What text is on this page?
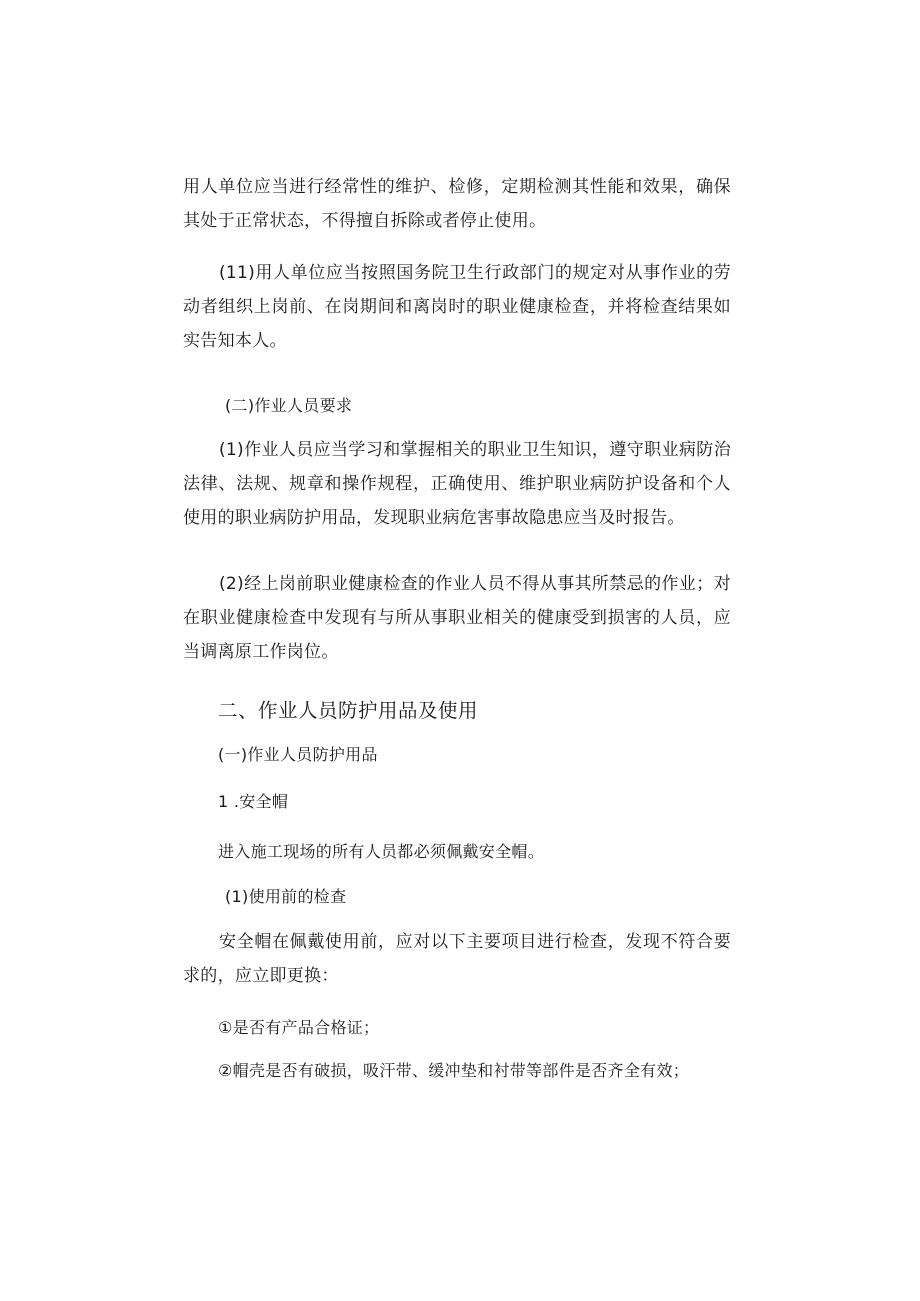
用人单位应当进行经常性的维护、检修，定期检测其性能和效果，确保其处于正常状态，不得擅自拆除或者停止使用。

(11)用人单位应当按照国务院卫生行政部门的规定对从事作业的劳动者组织上岗前、在岗期间和离岗时的职业健康检查，并将检查结果如实告知本人。

(二)作业人员要求

(1)作业人员应当学习和掌握相关的职业卫生知识，遵守职业病防治法律、法规、规章和操作规程，正确使用、维护职业病防护设备和个人使用的职业病防护用品，发现职业病危害事故隐患应当及时报告。

(2)经上岗前职业健康检查的作业人员不得从事其所禁忌的作业；对在职业健康检查中发现有与所从事职业相关的健康受到损害的人员，应当调离原工作岗位。

二、作业人员防护用品及使用

(一)作业人员防护用品

1 .安全帽

进入施工现场的所有人员都必须佩戴安全帽。

(1)使用前的检查

安全帽在佩戴使用前，应对以下主要项目进行检查，发现不符合要求的，应立即更换：

①是否有产品合格证；

②帽壳是否有破损，吸汗带、缓冲垫和衬带等部件是否齐全有效；
